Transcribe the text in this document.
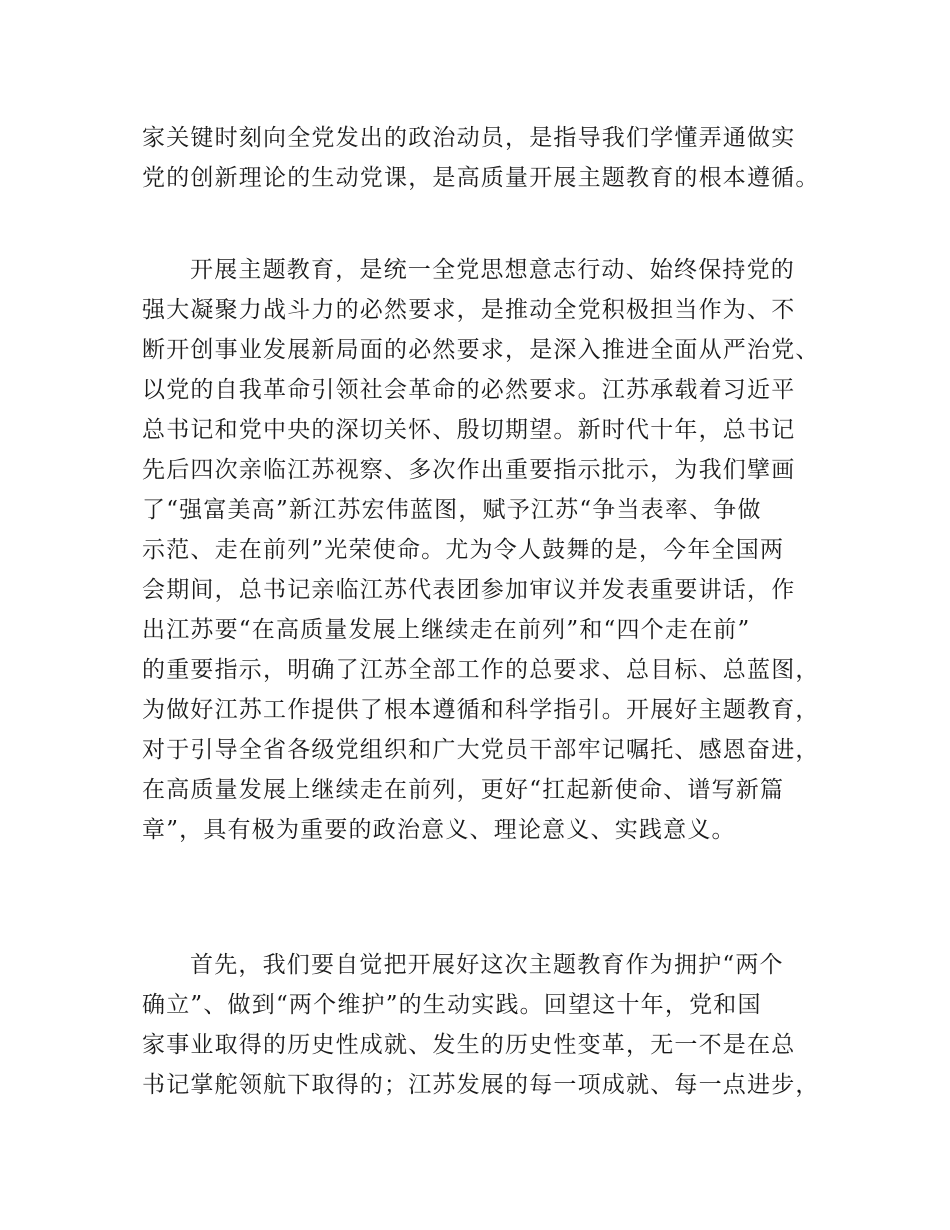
家关键时刻向全党发出的政治动员，是指导我们学懂弄通做实
党的创新理论的生动党课，是高质量开展主题教育的根本遵循。
开展主题教育，是统一全党思想意志行动、始终保持党的
强大凝聚力战斗力的必然要求，是推动全党积极担当作为、不
断开创事业发展新局面的必然要求，是深入推进全面从严治党、
以党的自我革命引领社会革命的必然要求。江苏承载着习近平
总书记和党中央的深切关怀、殷切期望。新时代十年，总书记
先后四次亲临江苏视察、多次作出重要指示批示，为我们擘画
了“强富美高”新江苏宏伟蓝图，赋予江苏“争当表率、争做
示范、走在前列”光荣使命。尤为令人鼓舞的是，今年全国两
会期间，总书记亲临江苏代表团参加审议并发表重要讲话，作
出江苏要“在高质量发展上继续走在前列”和“四个走在前”
的重要指示，明确了江苏全部工作的总要求、总目标、总蓝图，
为做好江苏工作提供了根本遵循和科学指引。开展好主题教育，
对于引导全省各级党组织和广大党员干部牢记嘱托、感恩奋进，
在高质量发展上继续走在前列，更好“扛起新使命、谱写新篇
章”，具有极为重要的政治意义、理论意义、实践意义。
首先，我们要自觉把开展好这次主题教育作为拥护“两个
确立”、做到“两个维护”的生动实践。回望这十年，党和国
家事业取得的历史性成就、发生的历史性变革，无一不是在总
书记掌舵领航下取得的；江苏发展的每一项成就、每一点进步，
